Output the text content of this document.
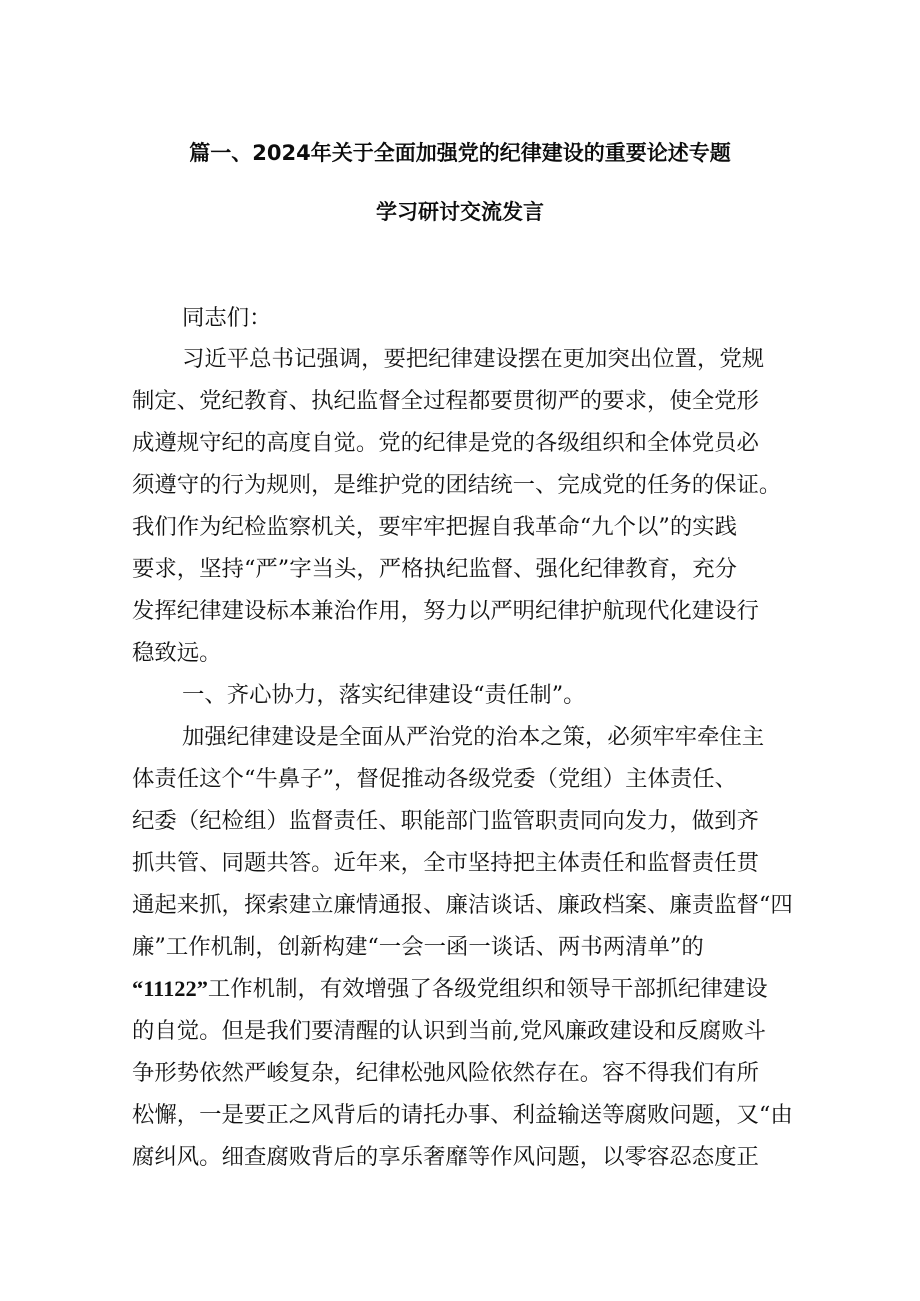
篇一、2024年关于全面加强党的纪律建设的重要论述专题
学习研讨交流发言
同志们：
习近平总书记强调，要把纪律建设摆在更加突出位置，党规
制定、党纪教育、执纪监督全过程都要贯彻严的要求，使全党形
成遵规守纪的高度自觉。党的纪律是党的各级组织和全体党员必
须遵守的行为规则，是维护党的团结统一、完成党的任务的保证。
我们作为纪检监察机关，要牢牢把握自我革命“九个以”的实践
要求，坚持“严”字当头，严格执纪监督、强化纪律教育，充分
发挥纪律建设标本兼治作用，努力以严明纪律护航现代化建设行
稳致远。
一、齐心协力，落实纪律建设“责任制”。
加强纪律建设是全面从严治党的治本之策，必须牢牢牵住主
体责任这个“牛鼻子”，督促推动各级党委（党组）主体责任、
纪委（纪检组）监督责任、职能部门监管职责同向发力，做到齐
抓共管、同题共答。近年来，全市坚持把主体责任和监督责任贯
通起来抓，探索建立廉情通报、廉洁谈话、廉政档案、廉责监督“四
廉”工作机制，创新构建“一会一函一谈话、两书两清单”的
“11122”工作机制，有效增强了各级党组织和领导干部抓纪律建设
的自觉。但是我们要清醒的认识到当前,党风廉政建设和反腐败斗
争形势依然严峻复杂，纪律松弛风险依然存在。容不得我们有所
松懈，一是要正之风背后的请托办事、利益输送等腐败问题，又“由
腐纠风。细查腐败背后的享乐奢靡等作风问题，以零容忍态度正
